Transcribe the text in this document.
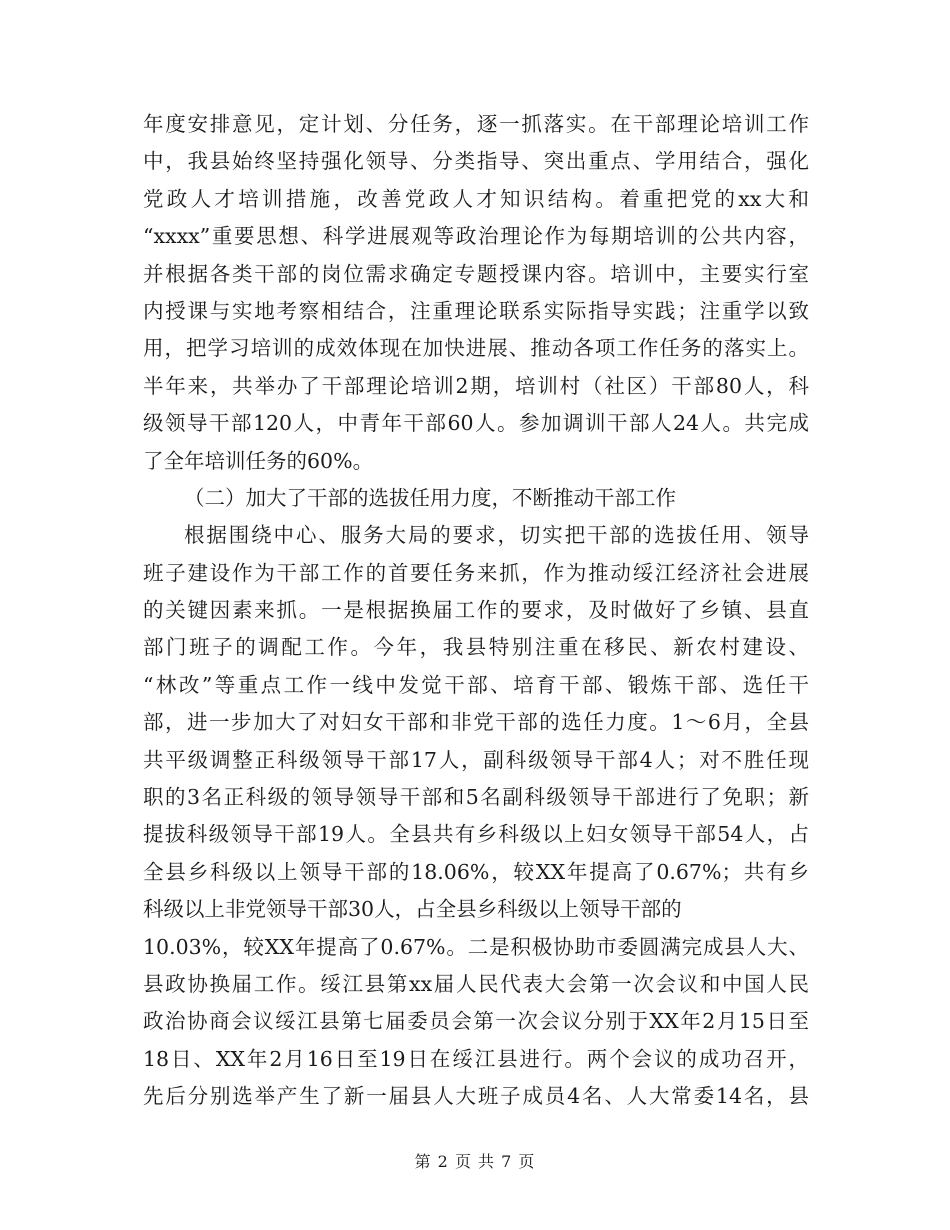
年度安排意见，定计划、分任务，逐一抓落实。在干部理论培训工作
中，我县始终坚持强化领导、分类指导、突出重点、学用结合，强化
党政人才培训措施，改善党政人才知识结构。着重把党的xx大和
“xxxx”重要思想、科学进展观等政治理论作为每期培训的公共内容，
并根据各类干部的岗位需求确定专题授课内容。培训中，主要实行室
内授课与实地考察相结合，注重理论联系实际指导实践；注重学以致
用，把学习培训的成效体现在加快进展、推动各项工作任务的落实上。
半年来，共举办了干部理论培训2期，培训村（社区）干部80人，科
级领导干部120人，中青年干部60人。参加调训干部人24人。共完成
了全年培训任务的60%。
（二）加大了干部的选拔任用力度，不断推动干部工作
根据围绕中心、服务大局的要求，切实把干部的选拔任用、领导
班子建设作为干部工作的首要任务来抓，作为推动绥江经济社会进展
的关键因素来抓。一是根据换届工作的要求，及时做好了乡镇、县直
部门班子的调配工作。今年，我县特别注重在移民、新农村建设、
“林改”等重点工作一线中发觉干部、培育干部、锻炼干部、选任干
部，进一步加大了对妇女干部和非党干部的选任力度。1～6月，全县
共平级调整正科级领导干部17人，副科级领导干部4人；对不胜任现
职的3名正科级的领导领导干部和5名副科级领导干部进行了免职；新
提拔科级领导干部19人。全县共有乡科级以上妇女领导干部54人，占
全县乡科级以上领导干部的18.06%，较XX年提高了0.67%；共有乡
科级以上非党领导干部30人，占全县乡科级以上领导干部的
10.03%，较XX年提高了0.67%。二是积极协助市委圆满完成县人大、
县政协换届工作。绥江县第xx届人民代表大会第一次会议和中国人民
政治协商会议绥江县第七届委员会第一次会议分别于XX年2月15日至
18日、XX年2月16日至19日在绥江县进行。两个会议的成功召开，
先后分别选举产生了新一届县人大班子成员4名、人大常委14名，县
第 2 页 共 7 页
